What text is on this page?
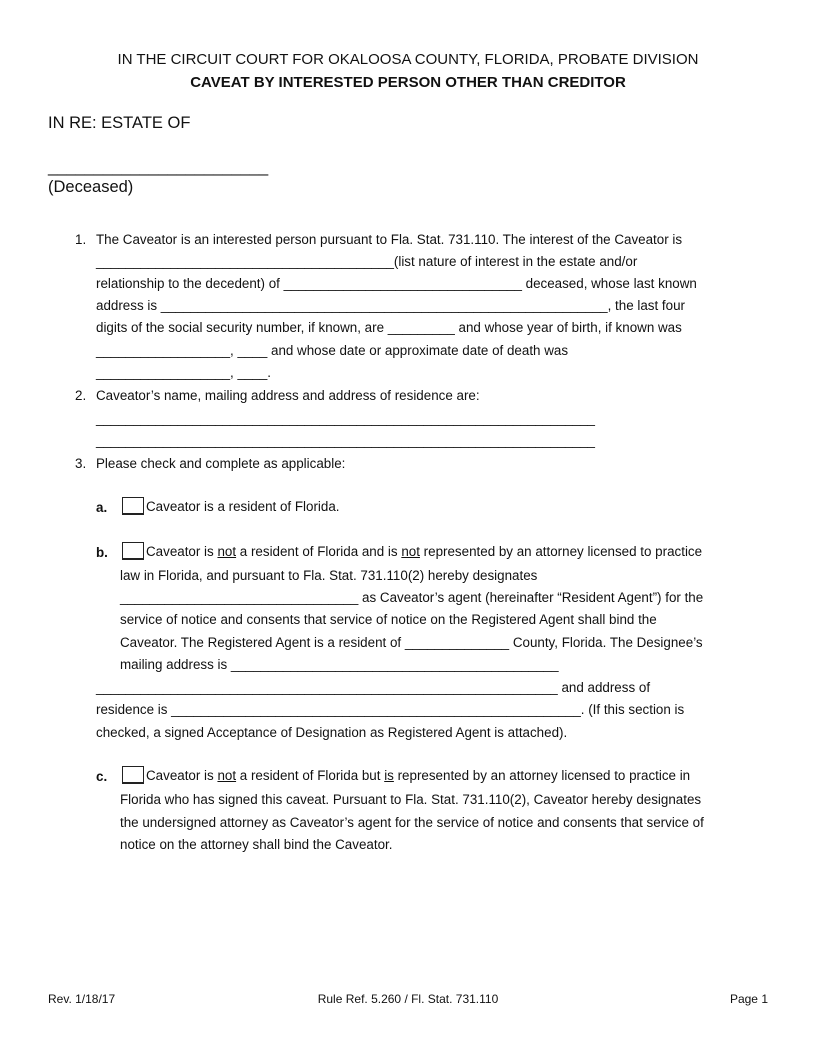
IN THE CIRCUIT COURT FOR OKALOOSA COUNTY, FLORIDA, PROBATE DIVISION
CAVEAT BY INTERESTED PERSON OTHER THAN CREDITOR
IN RE: ESTATE OF
________________________
(Deceased)
1. The Caveator is an interested person pursuant to Fla. Stat. 731.110. The interest of the Caveator is
________________________________________(list nature of interest in the estate and/or
relationship to the decedent) of ________________________________ deceased, whose last known
address is ____________________________________________________________, the last four
digits of the social security number, if known, are _________ and whose year of birth, if known was
__________________, ____ and whose date or approximate date of death was
__________________, ____.
2. Caveator’s name, mailing address and address of residence are:
___________________________________________________________________
___________________________________________________________________
3. Please check and complete as applicable:
a.	Caveator is a resident of Florida.
b.	Caveator is not a resident of Florida and is not represented by an attorney licensed to practice
law in Florida, and pursuant to Fla. Stat. 731.110(2) hereby designates
________________________________ as Caveator’s agent (hereinafter “Resident Agent”) for the
service of notice and consents that service of notice on the Registered Agent shall bind the
Caveator. The Registered Agent is a resident of ______________ County, Florida. The Designee’s
mailing address is ____________________________________________
______________________________________________________________ and address of
residence is _______________________________________________________. (If this section is
checked, a signed Acceptance of Designation as Registered Agent is attached).
c.	Caveator is not a resident of Florida but is represented by an attorney licensed to practice in
Florida who has signed this caveat. Pursuant to Fla. Stat. 731.110(2), Caveator hereby designates
the undersigned attorney as Caveator’s agent for the service of notice and consents that service of
notice on the attorney shall bind the Caveator.
Rev. 1/18/17	Rule Ref. 5.260 / Fl. Stat. 731.110	Page 1
